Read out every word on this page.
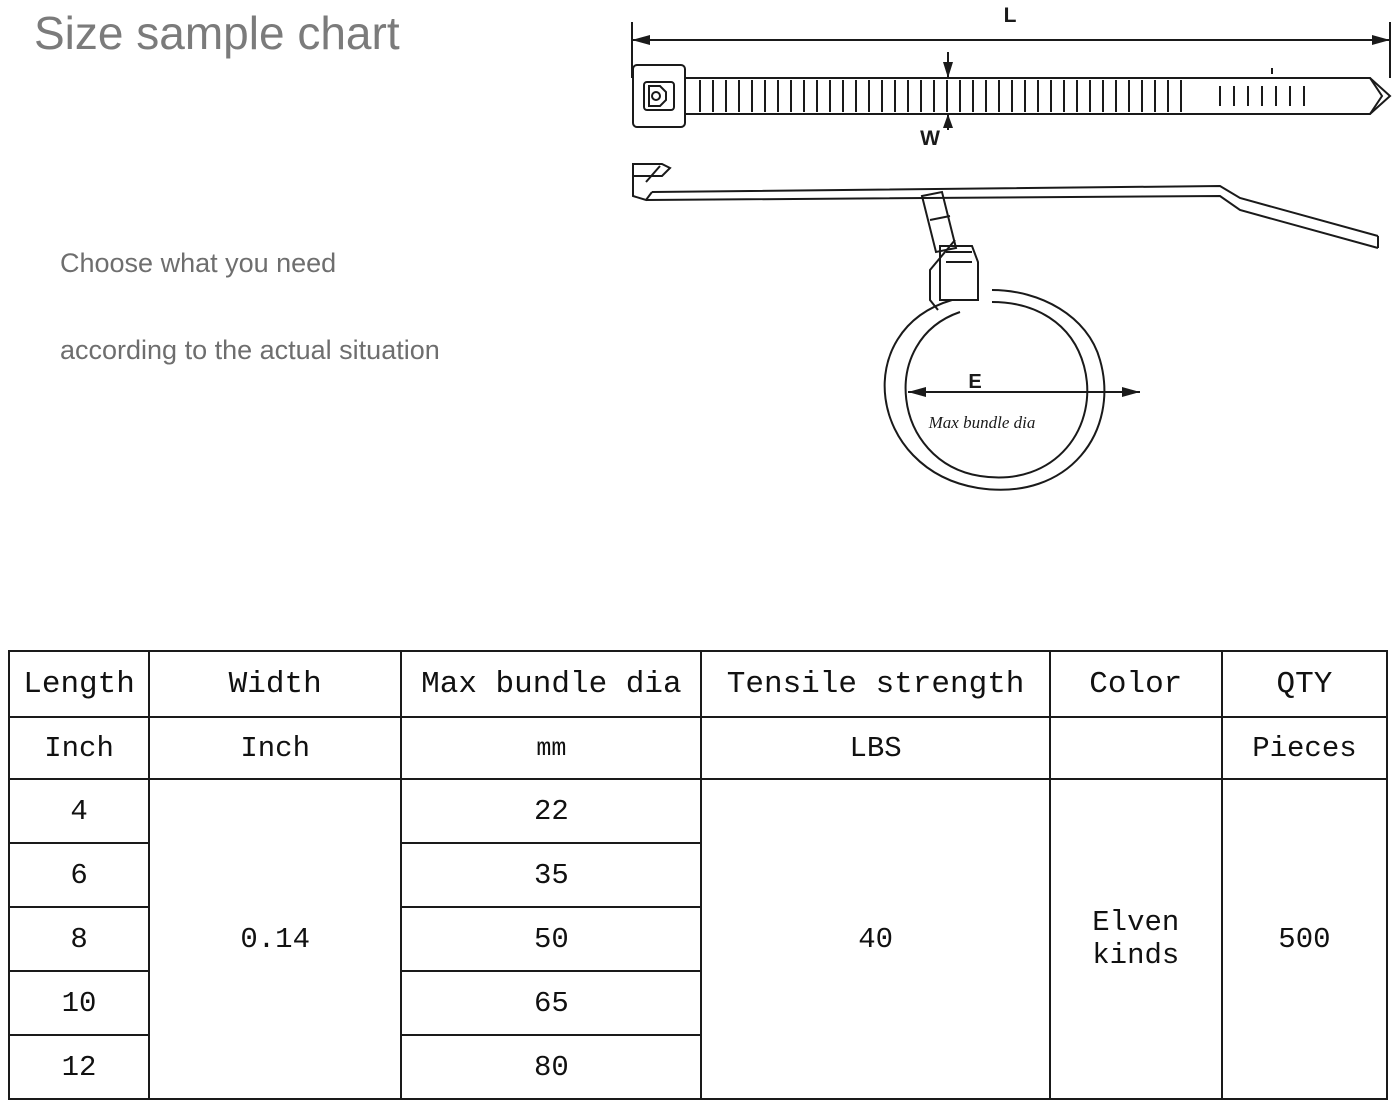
Size sample chart
Choose what you need
according to the actual situation
L
W
E
Max bundle dia
Length	Width	Max bundle dia	Tensile strength	Color	QTY
Inch	Inch	mm	LBS		Pieces
4	0.14	22	40	Elven kinds	500
6		35			
8		50			
10		65			
12		80			
